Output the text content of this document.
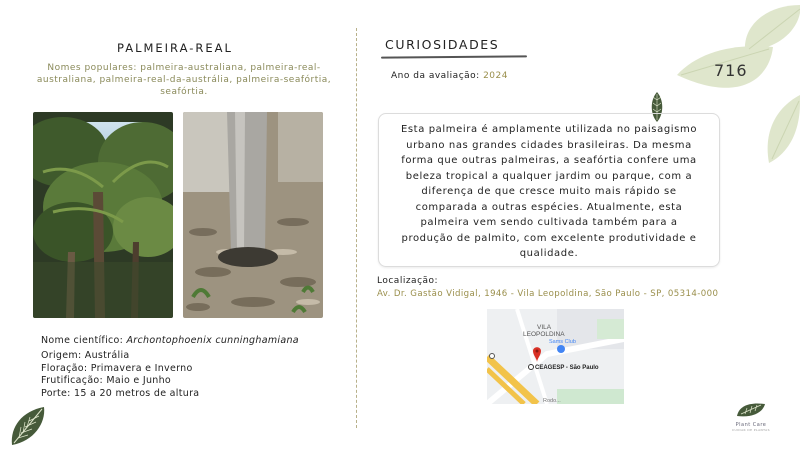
PALMEIRA-REAL
Nomes populares: palmeira-australiana, palmeira-real-australiana, palmeira-real-da-austrália, palmeira-seafórtia, seafórtia.
Nome científico: Archontophoenix cunninghamiana
Origem: Austrália
Floração: Primavera e Inverno
Frutificação: Maio e Junho
Porte: 15 a 20 metros de altura
CURIOSIDADES
Ano da avaliação: 2024	716

Esta palmeira é amplamente utilizada no paisagismo urbano nas grandes cidades brasileiras. Da mesma forma que outras palmeiras, a seafórtia confere uma beleza tropical a qualquer jardim ou parque, com a diferença de que cresce muito mais rápido se comparada a outras espécies. Atualmente, esta palmeira vem sendo cultivada também para a produção de palmito, com excelente produtividade e qualidade.

Localização:
Av. Dr. Gastão Vidigal, 1946 - Vila Leopoldina, São Paulo - SP, 05314-000
VILA
LEOPOLDINA
Sams Club
CEAGESP - São Paulo
Rodo...
Plant Care
CUIDAR DE PLANTAS
